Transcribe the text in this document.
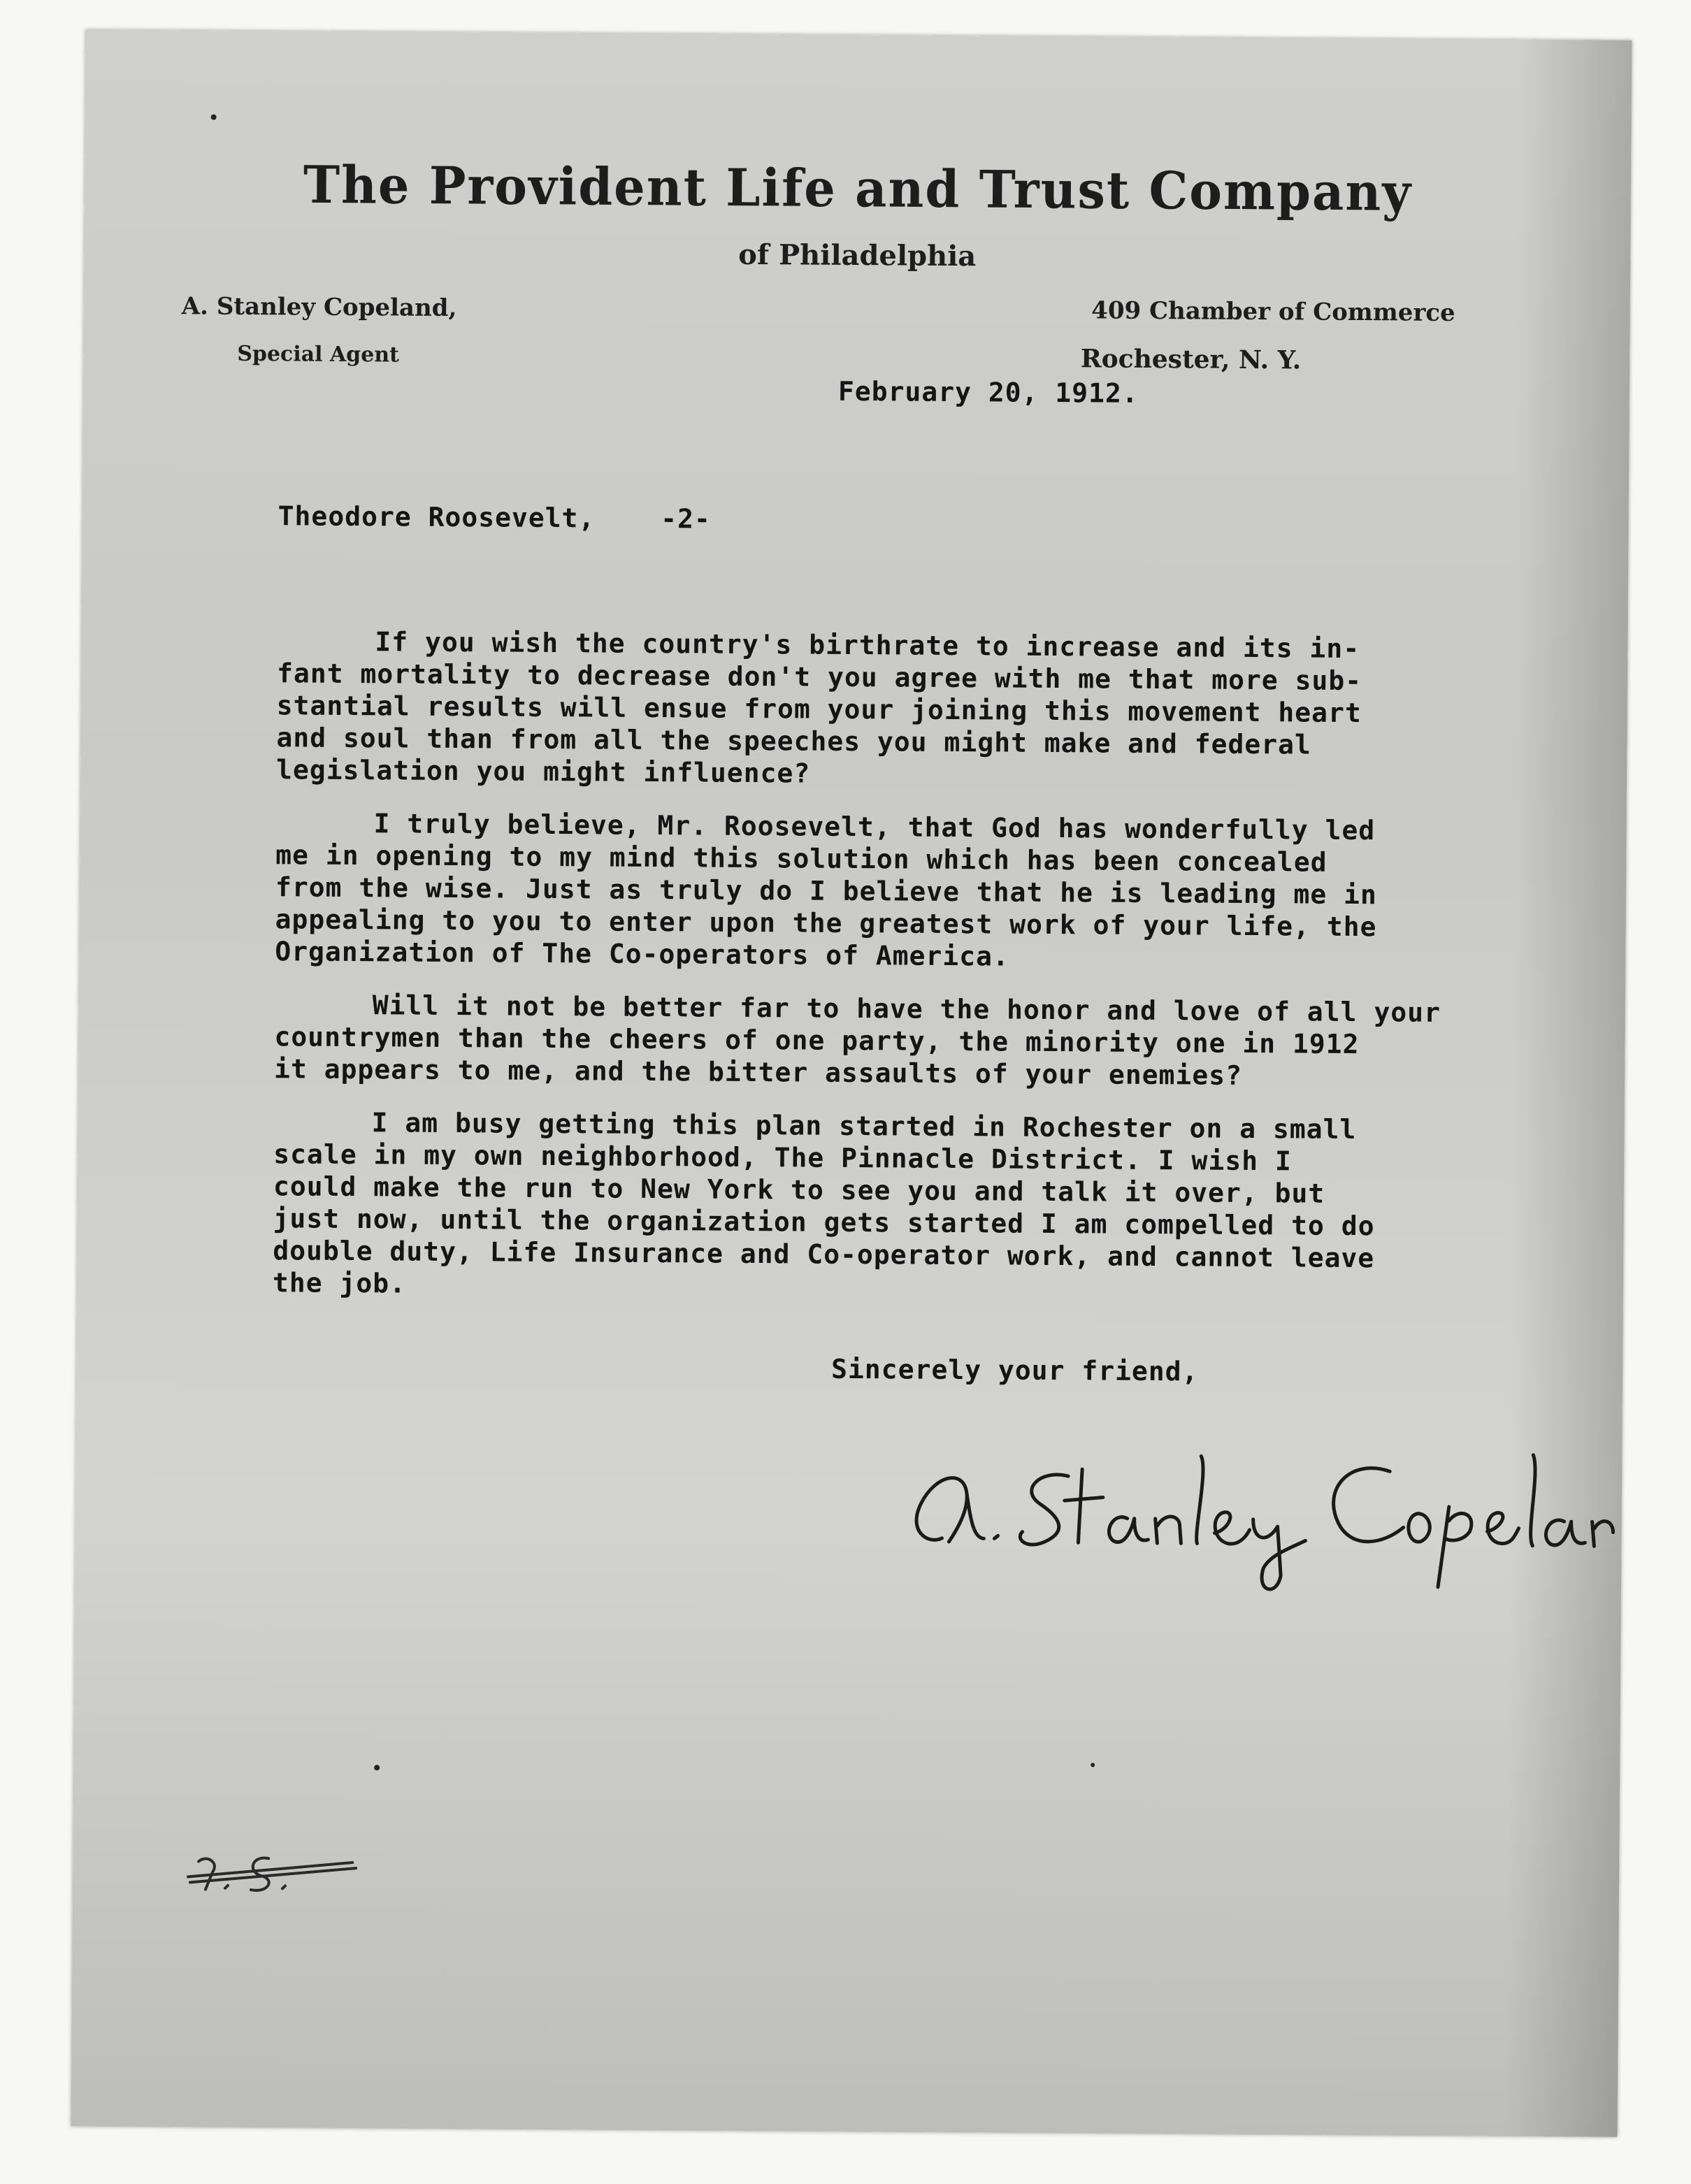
The Provident Life and Trust Company
of Philadelphia
A. Stanley Copeland,
Special Agent
409 Chamber of Commerce
Rochester, N. Y.
February 20, 1912.
Theodore Roosevelt, -2-

If you wish the country's birthrate to increase and its in-
fant mortality to decrease don't you agree with me that more sub-
stantial results will ensue from your joining this movement heart
and soul than from all the speeches you might make and federal
legislation you might influence?

I truly believe, Mr. Roosevelt, that God has wonderfully led
me in opening to my mind this solution which has been concealed
from the wise. Just as truly do I believe that he is leading me in
appealing to you to enter upon the greatest work of your life, the
Organization of The Co-operators of America.

Will it not be better far to have the honor and love of all your
countrymen than the cheers of one party, the minority one in 1912
it appears to me, and the bitter assaults of your enemies?

I am busy getting this plan started in Rochester on a small
scale in my own neighborhood, The Pinnacle District. I wish I
could make the run to New York to see you and talk it over, but
just now, until the organization gets started I am compelled to do
double duty, Life Insurance and Co-operator work, and cannot leave
the job.

Sincerely your friend,
A. Stanley Copeland.
P.S.
